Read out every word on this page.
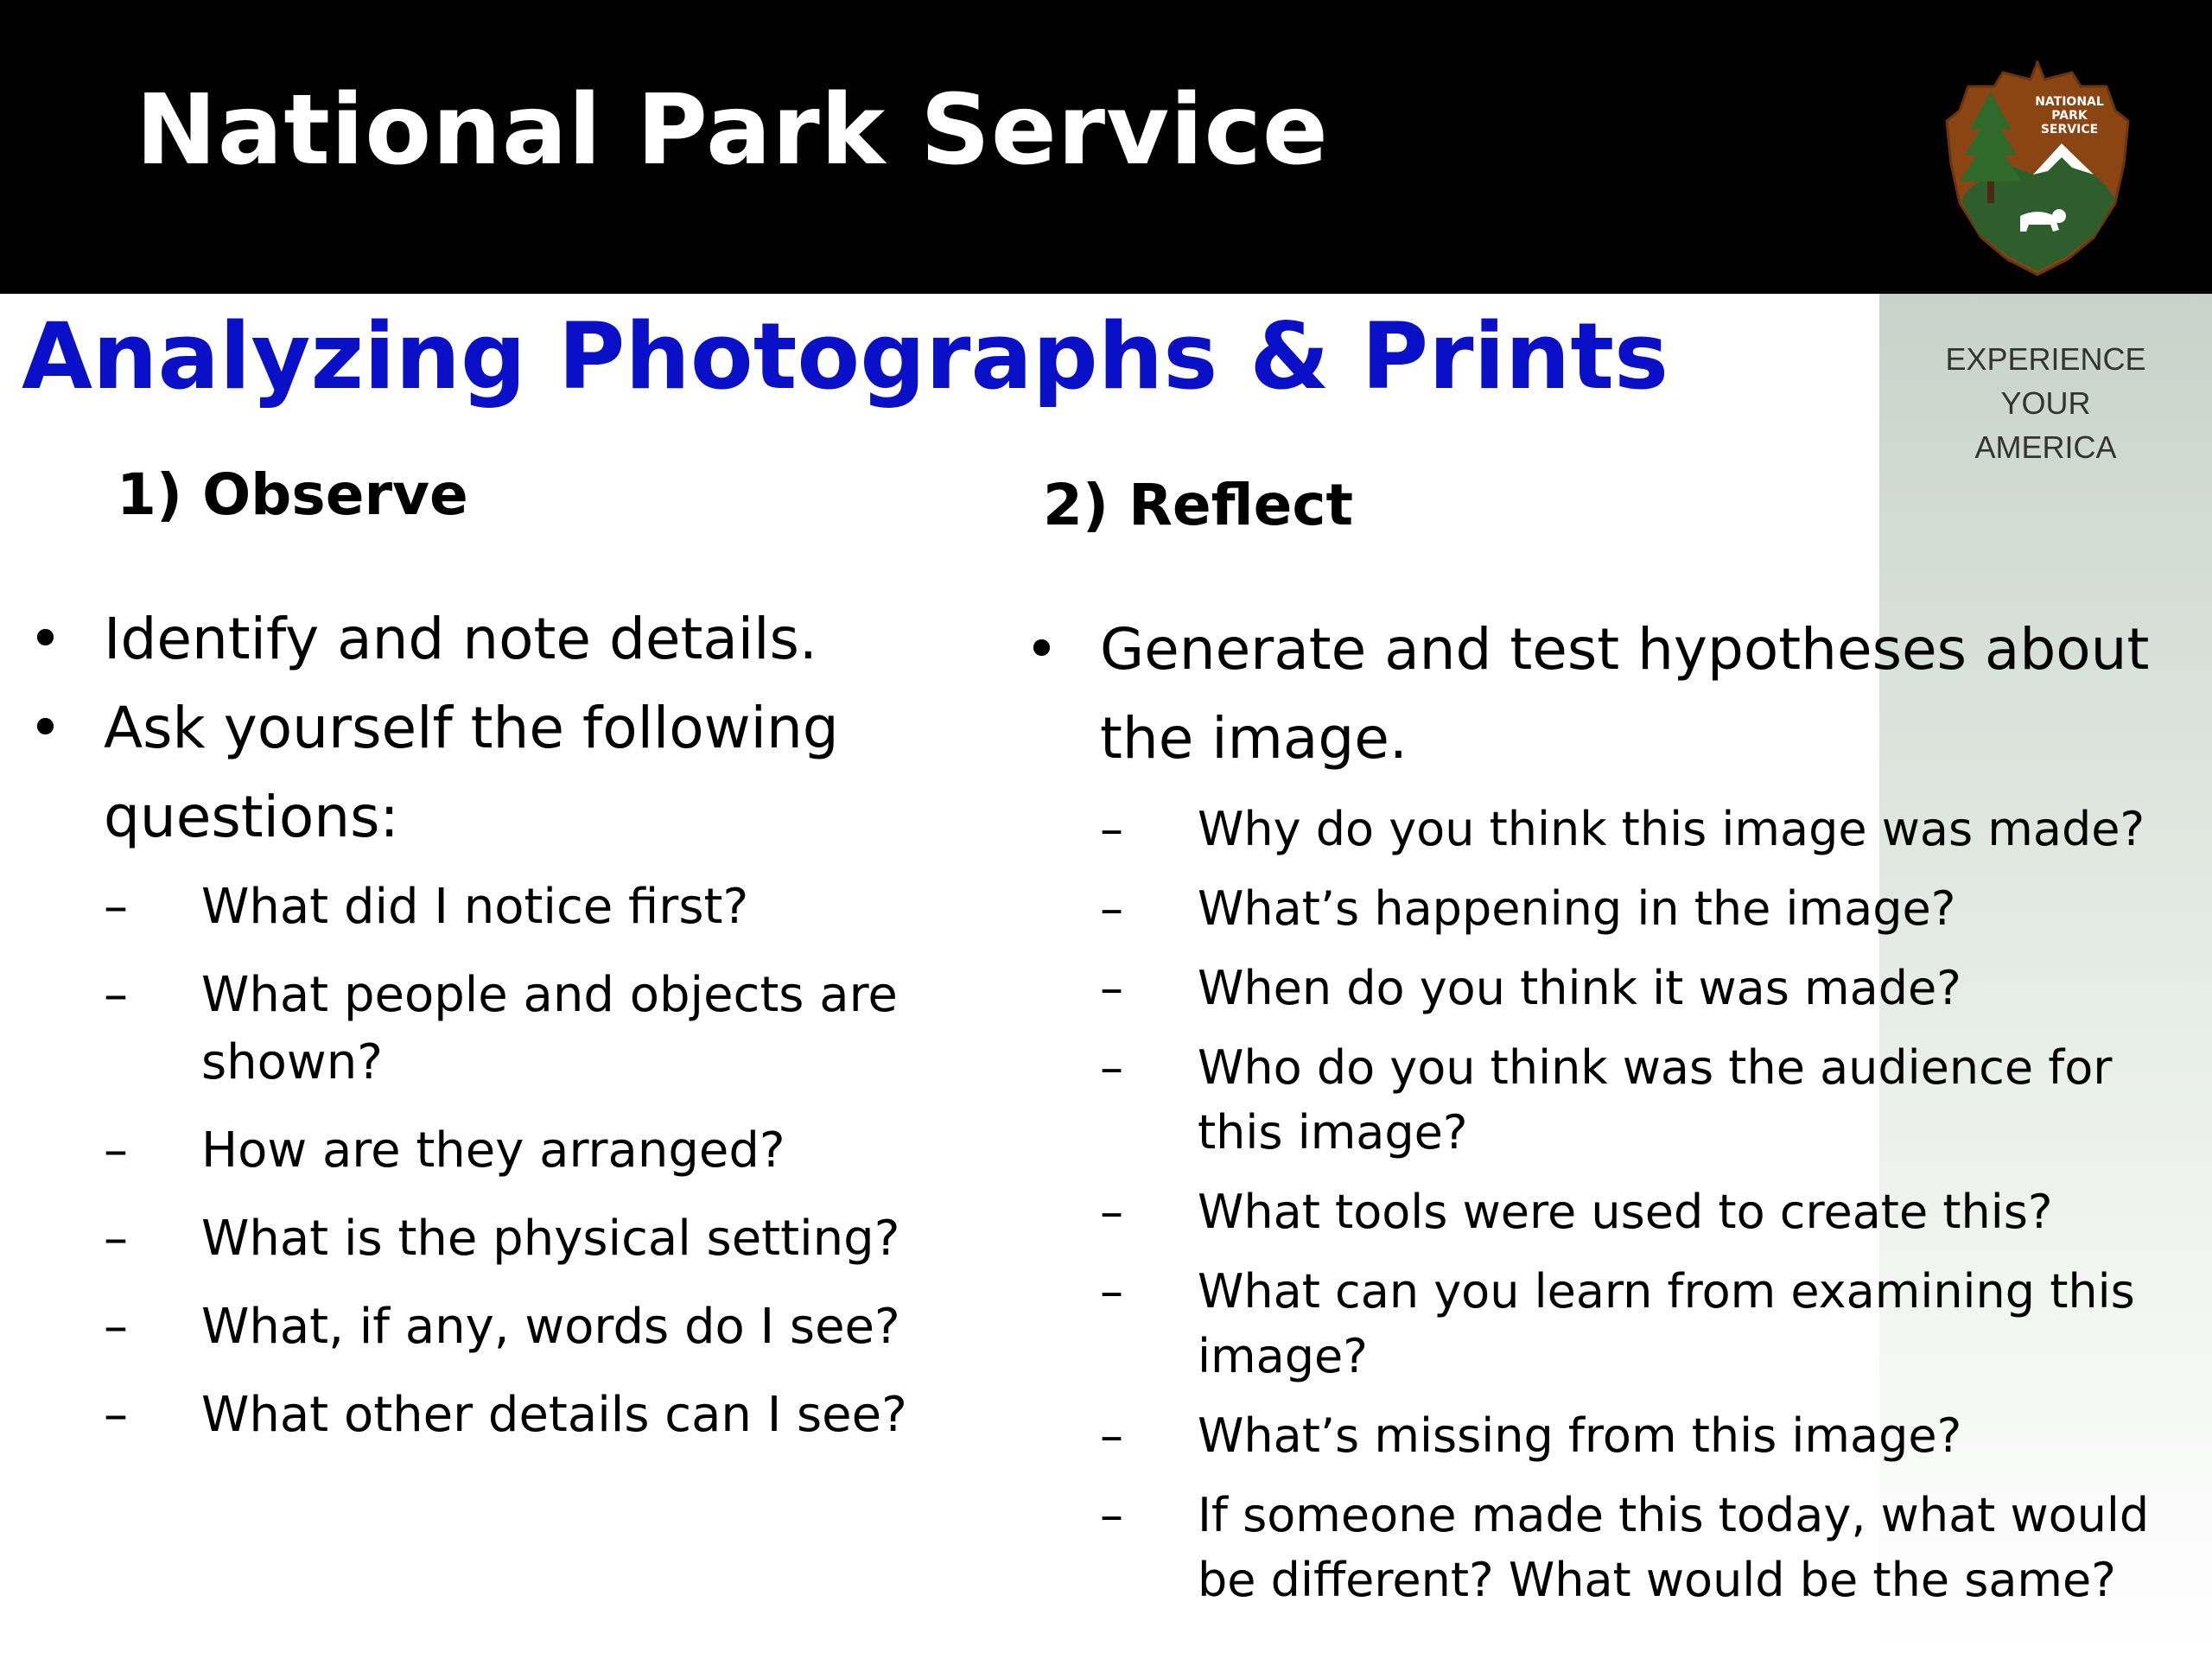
National Park Service	NATIONAL
PARK
SERVICE
EXPERIENCE
YOUR
AMERICA
Analyzing Photographs & Prints
1) Observe	2) Reflect
• Identify and note details.
• Ask yourself the following questions:
– What did I notice first?
– What people and objects are shown?
– How are they arranged?
– What is the physical setting?
– What, if any, words do I see?
– What other details can I see?
• Generate and test hypotheses about the image.
– Why do you think this image was made?
– What’s happening in the image?
– When do you think it was made?
– Who do you think was the audience for this image?
– What tools were used to create this?
– What can you learn from examining this image?
– What’s missing from this image?
– If someone made this today, what would be different? What would be the same?
